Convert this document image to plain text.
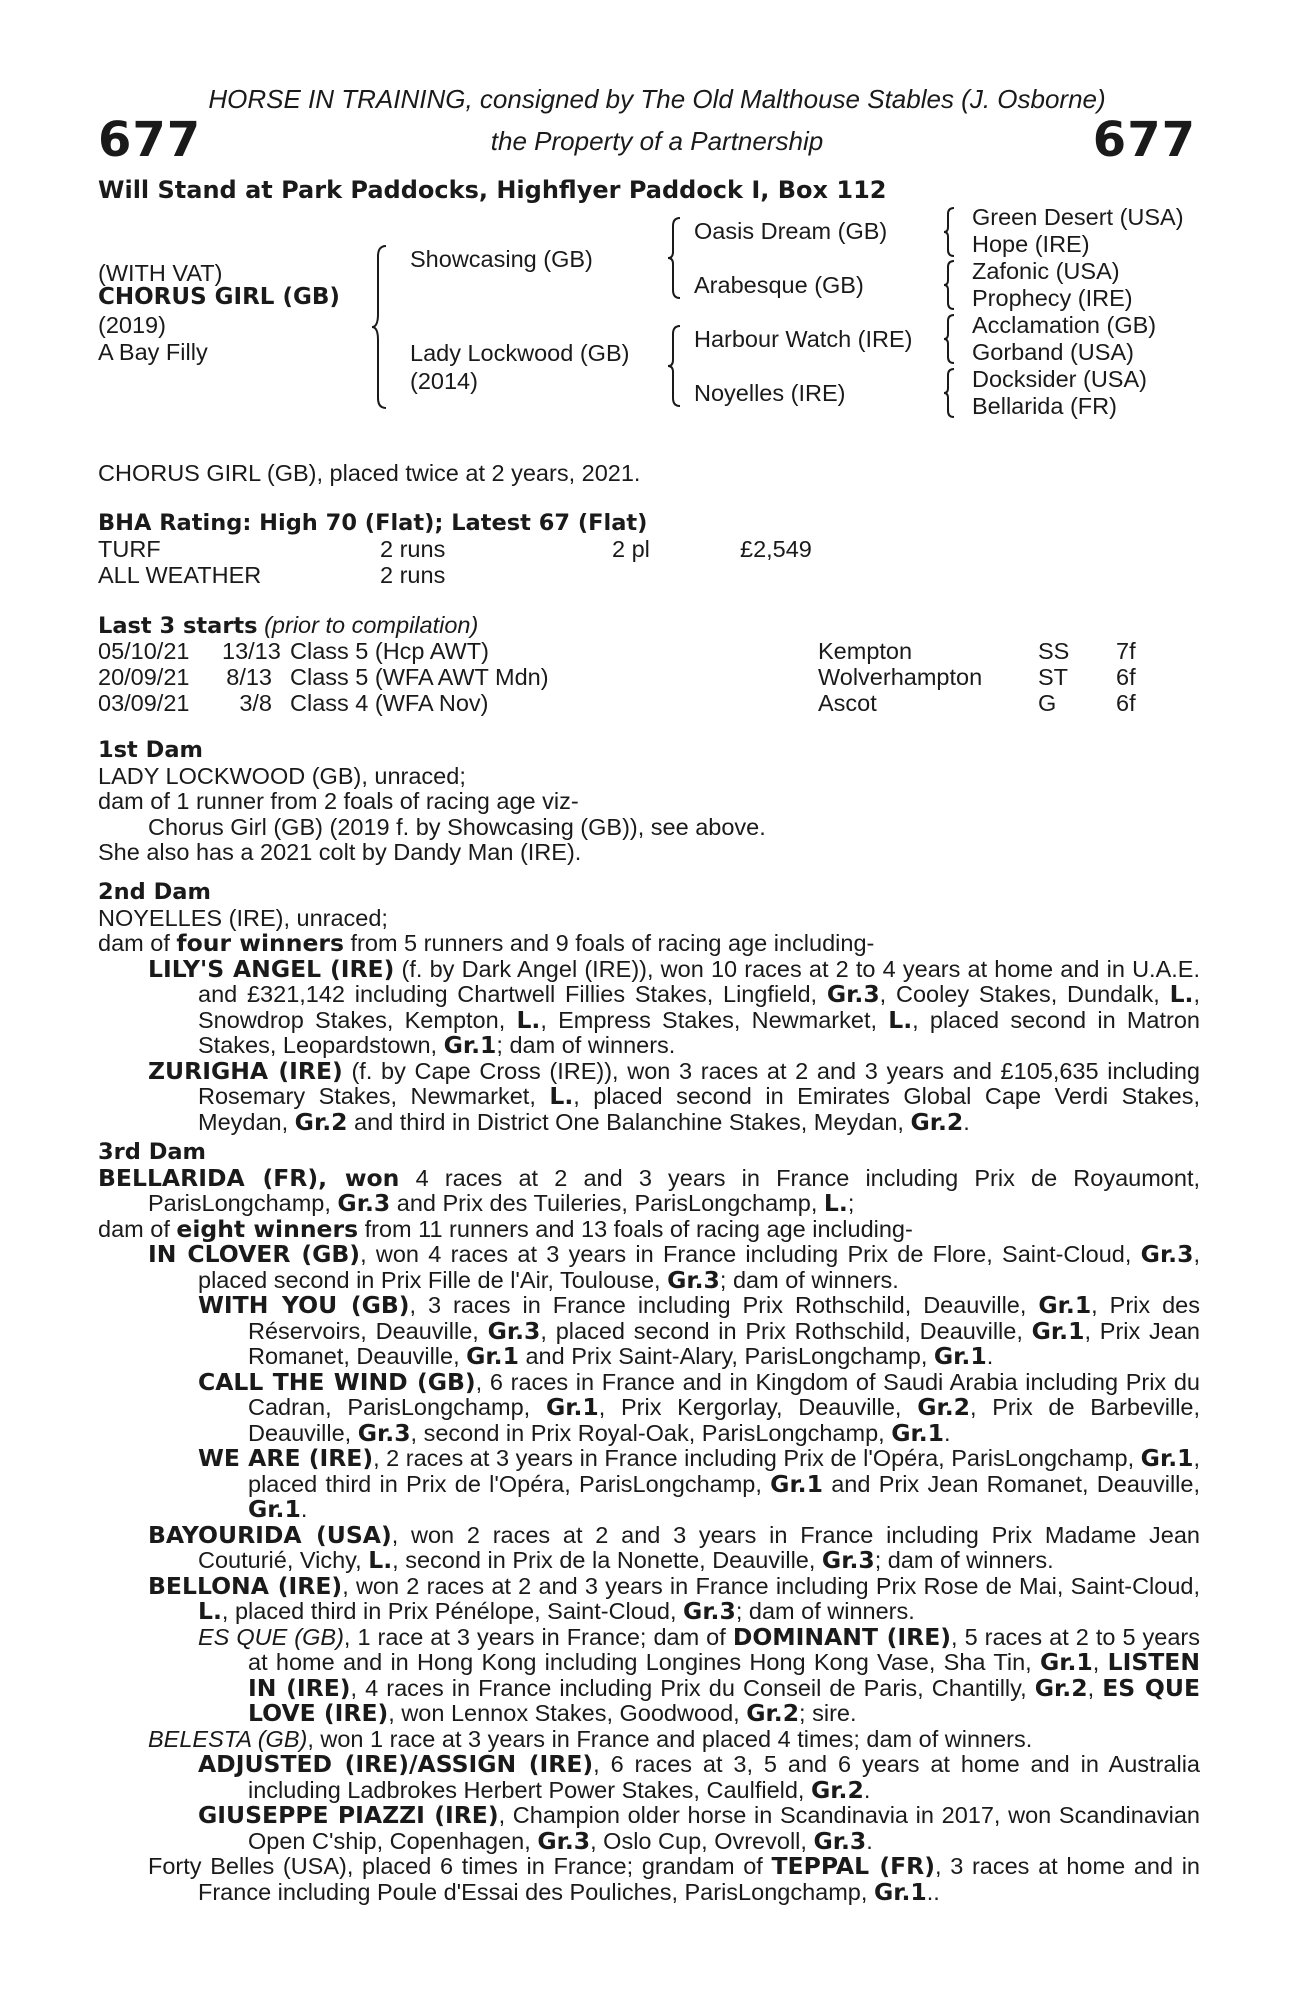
HORSE IN TRAINING, consigned by The Old Malthouse Stables (J. Osborne)
677	the Property of a Partnership	677
Will Stand at Park Paddocks, Highflyer Paddock I, Box 112
(WITH VAT)
CHORUS GIRL (GB)
(2019)
A Bay Filly
Showcasing (GB)
Lady Lockwood (GB)
(2014)
Oasis Dream (GB)
Arabesque (GB)
Harbour Watch (IRE)
Noyelles (IRE)
Green Desert (USA)
Hope (IRE)
Zafonic (USA)
Prophecy (IRE)
Acclamation (GB)
Gorband (USA)
Docksider (USA)
Bellarida (FR)
CHORUS GIRL (GB), placed twice at 2 years, 2021.
BHA Rating: High 70 (Flat); Latest 67 (Flat)
TURF	2 runs	2 pl	£2,549
ALL WEATHER	2 runs
Last 3 starts (prior to compilation)
05/10/21 13/13 Class 5 (Hcp AWT)	Kempton	SS 7f
20/09/21 8/13 Class 5 (WFA AWT Mdn)	Wolverhampton ST 6f
03/09/21	3/8 Class 4 (WFA Nov)	Ascot	G	6f
1st Dam
LADY LOCKWOOD (GB), unraced;
dam of 1 runner from 2 foals of racing age viz-
Chorus Girl (GB) (2019 f. by Showcasing (GB)), see above.
She also has a 2021 colt by Dandy Man (IRE).
2nd Dam
NOYELLES (IRE), unraced;
dam of four winners from 5 runners and 9 foals of racing age including-
LILY'S ANGEL (IRE) (f. by Dark Angel (IRE)), won 10 races at 2 to 4 years at home and in U.A.E. and £321,142 including Chartwell Fillies Stakes, Lingfield, Gr.3, Cooley Stakes, Dundalk, L., Snowdrop Stakes, Kempton, L., Empress Stakes, Newmarket, L., placed second in Matron Stakes, Leopardstown, Gr.1; dam of winners.
ZURIGHA (IRE) (f. by Cape Cross (IRE)), won 3 races at 2 and 3 years and £105,635 including Rosemary Stakes, Newmarket, L., placed second in Emirates Global Cape Verdi Stakes, Meydan, Gr.2 and third in District One Balanchine Stakes, Meydan, Gr.2.
3rd Dam
BELLARIDA (FR), won 4 races at 2 and 3 years in France including Prix de Royaumont, ParisLongchamp, Gr.3 and Prix des Tuileries, ParisLongchamp, L.;
dam of eight winners from 11 runners and 13 foals of racing age including-
IN CLOVER (GB), won 4 races at 3 years in France including Prix de Flore, Saint-Cloud, Gr.3, placed second in Prix Fille de l'Air, Toulouse, Gr.3; dam of winners.
WITH YOU (GB), 3 races in France including Prix Rothschild, Deauville, Gr.1, Prix des Réservoirs, Deauville, Gr.3, placed second in Prix Rothschild, Deauville, Gr.1, Prix Jean Romanet, Deauville, Gr.1 and Prix Saint-Alary, ParisLongchamp, Gr.1.
CALL THE WIND (GB), 6 races in France and in Kingdom of Saudi Arabia including Prix du Cadran, ParisLongchamp, Gr.1, Prix Kergorlay, Deauville, Gr.2, Prix de Barbeville, Deauville, Gr.3, second in Prix Royal-Oak, ParisLongchamp, Gr.1.
WE ARE (IRE), 2 races at 3 years in France including Prix de l'Opéra, ParisLongchamp, Gr.1, placed third in Prix de l'Opéra, ParisLongchamp, Gr.1 and Prix Jean Romanet, Deauville, Gr.1.
BAYOURIDA (USA), won 2 races at 2 and 3 years in France including Prix Madame Jean Couturié, Vichy, L., second in Prix de la Nonette, Deauville, Gr.3; dam of winners.
BELLONA (IRE), won 2 races at 2 and 3 years in France including Prix Rose de Mai, Saint-Cloud, L., placed third in Prix Pénélope, Saint-Cloud, Gr.3; dam of winners.
ES QUE (GB), 1 race at 3 years in France; dam of DOMINANT (IRE), 5 races at 2 to 5 years at home and in Hong Kong including Longines Hong Kong Vase, Sha Tin, Gr.1, LISTEN IN (IRE), 4 races in France including Prix du Conseil de Paris, Chantilly, Gr.2, ES QUE LOVE (IRE), won Lennox Stakes, Goodwood, Gr.2; sire.
BELESTA (GB), won 1 race at 3 years in France and placed 4 times; dam of winners.
ADJUSTED (IRE)/ASSIGN (IRE), 6 races at 3, 5 and 6 years at home and in Australia including Ladbrokes Herbert Power Stakes, Caulfield, Gr.2.
GIUSEPPE PIAZZI (IRE), Champion older horse in Scandinavia in 2017, won Scandinavian Open C'ship, Copenhagen, Gr.3, Oslo Cup, Ovrevoll, Gr.3.
Forty Belles (USA), placed 6 times in France; grandam of TEPPAL (FR), 3 races at home and in France including Poule d'Essai des Pouliches, ParisLongchamp, Gr.1..
